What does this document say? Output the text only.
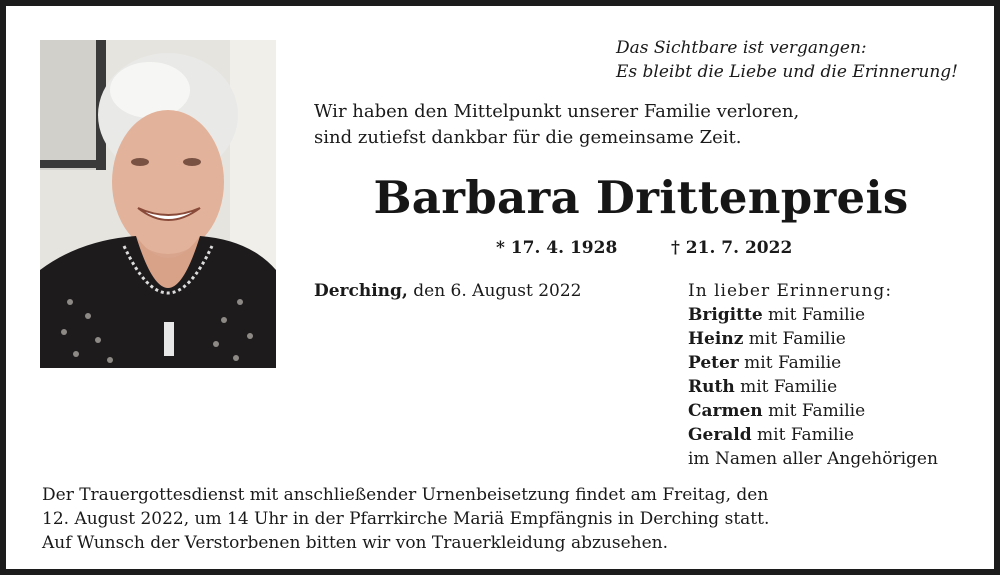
Das Sichtbare ist vergangen:
Es bleibt die Liebe und die Erinnerung!
Wir haben den Mittelpunkt unserer Familie verloren,
sind zutiefst dankbar für die gemeinsame Zeit.
Barbara Drittenpreis
* 17. 4. 1928	† 21. 7. 2022
Derching, den 6. August 2022	In lieber Erinnerung:
Brigitte mit Familie
Heinz mit Familie
Peter mit Familie
Ruth mit Familie
Carmen mit Familie
Gerald mit Familie
im Namen aller Angehörigen
Der Trauergottesdienst mit anschließender Urnenbeisetzung findet am Freitag, den
12. August 2022, um 14 Uhr in der Pfarrkirche Mariä Empfängnis in Derching statt.
Auf Wunsch der Verstorbenen bitten wir von Trauerkleidung abzusehen.
